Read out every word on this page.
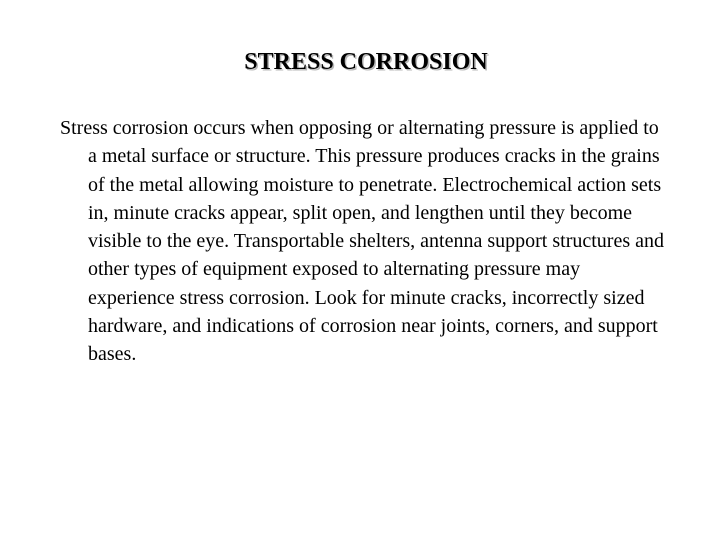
STRESS CORROSION

Stress corrosion occurs when opposing or alternating pressure is applied to a metal surface or structure. This pressure produces cracks in the grains of the metal allowing moisture to penetrate. Electrochemical action sets in, minute cracks appear, split open, and lengthen until they become visible to the eye. Transportable shelters, antenna support structures and other types of equipment exposed to alternating pressure may experience stress corrosion. Look for minute cracks, incorrectly sized hardware, and indications of corrosion near joints, corners, and support bases.
